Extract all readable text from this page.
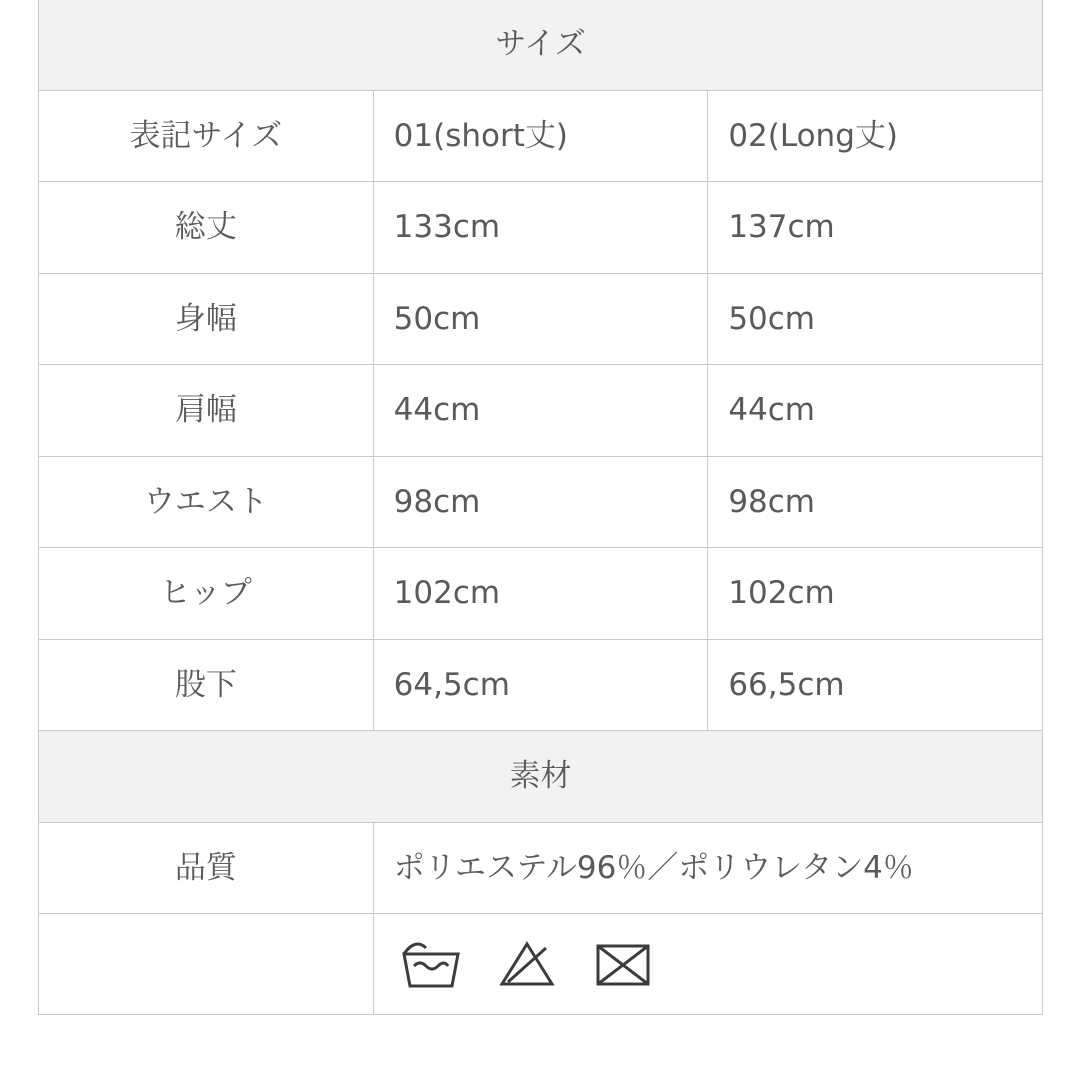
サイズ		
表記サイズ	01(short丈)	02(Long丈)
総丈	133cm	137cm
身幅	50cm	50cm
肩幅	44cm	44cm
ウエスト	98cm	98cm
ヒップ	102cm	102cm
股下	64,5cm	66,5cm
素材		
品質	ポリエステル96％／ポリウレタン4％	
